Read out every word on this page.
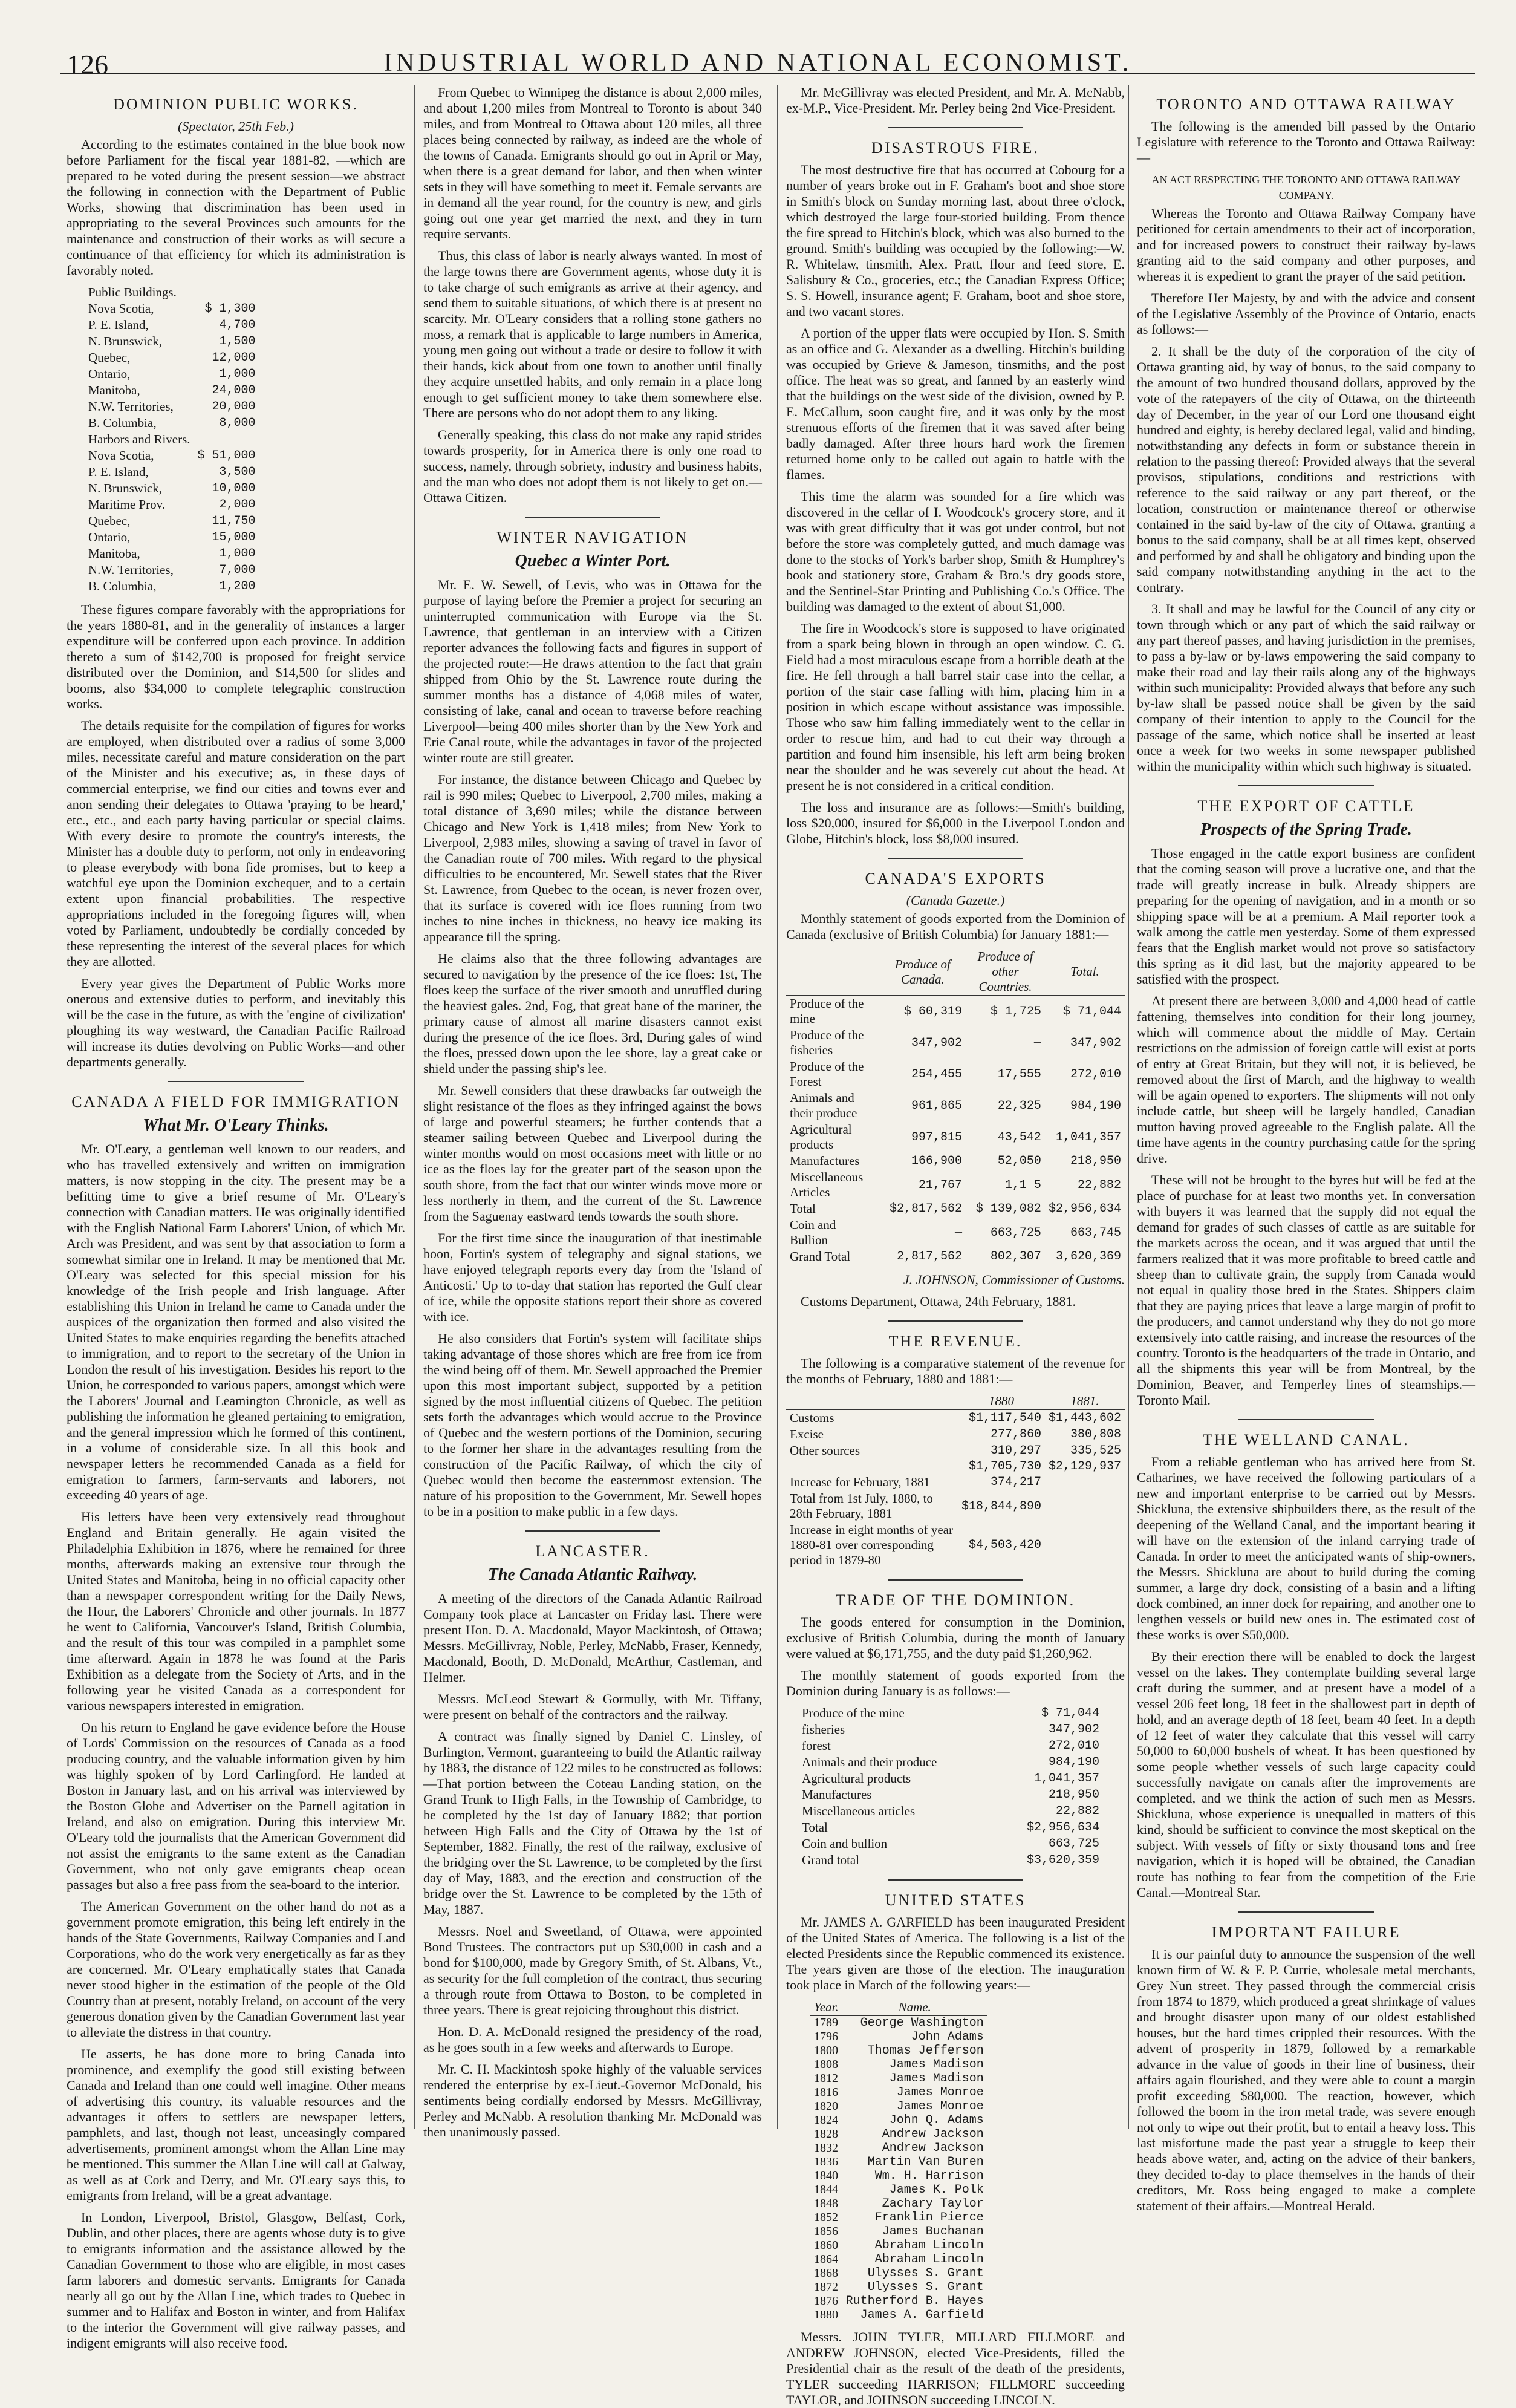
126	INDUSTRIAL WORLD AND NATIONAL ECONOMIST.
DOMINION PUBLIC WORKS.

(Spectator, 25th Feb.)

According to the estimates contained in the blue book now before Parliament for the fiscal year 1881-82, —which are prepared to be voted during the present session—we abstract the following in connection with the Department of Public Works, showing that discrimination has been used in appropriating to the several Provinces such amounts for the maintenance and construction of their works as will secure a continuance of that efficiency for which its administration is favorably noted.

Public Buildings.	
Nova Scotia,	$ 1,300
P. E. Island,	4,700
N. Brunswick,	1,500
Quebec,	12,000
Ontario,	1,000
Manitoba,	24,000
N.W. Territories,	20,000
B. Columbia,	8,000
Harbors and Rivers.	
Nova Scotia,	$ 51,000
P. E. Island,	3,500
N. Brunswick,	10,000
Maritime Prov.	2,000
Quebec,	11,750
Ontario,	15,000
Manitoba,	1,000
N.W. Territories,	7,000
B. Columbia,	1,200

These figures compare favorably with the appropriations for the years 1880-81, and in the generality of instances a larger expenditure will be conferred upon each province. In addition thereto a sum of $142,700 is proposed for freight service distributed over the Dominion, and $14,500 for slides and booms, also $34,000 to complete telegraphic construction works.

The details requisite for the compilation of figures for works are employed, when distributed over a radius of some 3,000 miles, necessitate careful and mature consideration on the part of the Minister and his executive; as, in these days of commercial enterprise, we find our cities and towns ever and anon sending their delegates to Ottawa 'praying to be heard,' etc., etc., and each party having particular or special claims. With every desire to promote the country's interests, the Minister has a double duty to perform, not only in endeavoring to please everybody with bona fide promises, but to keep a watchful eye upon the Dominion exchequer, and to a certain extent upon financial probabilities. The respective appropriations included in the foregoing figures will, when voted by Parliament, undoubtedly be cordially conceded by these representing the interest of the several places for which they are allotted.

Every year gives the Department of Public Works more onerous and extensive duties to perform, and inevitably this will be the case in the future, as with the 'engine of civilization' ploughing its way westward, the Canadian Pacific Railroad will increase its duties devolving on Public Works—and other departments generally.

CANADA A FIELD FOR IMMIGRATION
What Mr. O'Leary Thinks.

Mr. O'Leary, a gentleman well known to our readers, and who has travelled extensively and written on immigration matters, is now stopping in the city. The present may be a befitting time to give a brief resume of Mr. O'Leary's connection with Canadian matters. He was originally identified with the English National Farm Laborers' Union, of which Mr. Arch was President, and was sent by that association to form a somewhat similar one in Ireland. It may be mentioned that Mr. O'Leary was selected for this special mission for his knowledge of the Irish people and Irish language. After establishing this Union in Ireland he came to Canada under the auspices of the organization then formed and also visited the United States to make enquiries regarding the benefits attached to immigration, and to report to the secretary of the Union in London the result of his investigation. Besides his report to the Union, he corresponded to various papers, amongst which were the Laborers' Journal and Leamington Chronicle, as well as publishing the information he gleaned pertaining to emigration, and the general impression which he formed of this continent, in a volume of considerable size. In all this book and newspaper letters he recommended Canada as a field for emigration to farmers, farm-servants and laborers, not exceeding 40 years of age.

His letters have been very extensively read throughout England and Britain generally. He again visited the Philadelphia Exhibition in 1876, where he remained for three months, afterwards making an extensive tour through the United States and Manitoba, being in no official capacity other than a newspaper correspondent writing for the Daily News, the Hour, the Laborers' Chronicle and other journals. In 1877 he went to California, Vancouver's Island, British Columbia, and the result of this tour was compiled in a pamphlet some time afterward. Again in 1878 he was found at the Paris Exhibition as a delegate from the Society of Arts, and in the following year he visited Canada as a correspondent for various newspapers interested in emigration.

On his return to England he gave evidence before the House of Lords' Commission on the resources of Canada as a food producing country, and the valuable information given by him was highly spoken of by Lord Carlingford. He landed at Boston in January last, and on his arrival was interviewed by the Boston Globe and Advertiser on the Parnell agitation in Ireland, and also on emigration. During this interview Mr. O'Leary told the journalists that the American Government did not assist the emigrants to the same extent as the Canadian Government, who not only gave emigrants cheap ocean passages but also a free pass from the sea-board to the interior.

The American Government on the other hand do not as a government promote emigration, this being left entirely in the hands of the State Governments, Railway Companies and Land Corporations, who do the work very energetically as far as they are concerned. Mr. O'Leary emphatically states that Canada never stood higher in the estimation of the people of the Old Country than at present, notably Ireland, on account of the very generous donation given by the Canadian Government last year to alleviate the distress in that country.

He asserts, he has done more to bring Canada into prominence, and exemplify the good still existing between Canada and Ireland than one could well imagine. Other means of advertising this country, its valuable resources and the advantages it offers to settlers are newspaper letters, pamphlets, and last, though not least, unceasingly compared advertisements, prominent amongst whom the Allan Line may be mentioned. This summer the Allan Line will call at Galway, as well as at Cork and Derry, and Mr. O'Leary says this, to emigrants from Ireland, will be a great advantage.

In London, Liverpool, Bristol, Glasgow, Belfast, Cork, Dublin, and other places, there are agents whose duty is to give to emigrants information and the assistance allowed by the Canadian Government to those who are eligible, in most cases farm laborers and domestic servants. Emigrants for Canada nearly all go out by the Allan Line, which trades to Quebec in summer and to Halifax and Boston in winter, and from Halifax to the interior the Government will give railway passes, and indigent emigrants will also receive food.

From Quebec to Winnipeg the distance is about 2,000 miles, and about 1,200 miles from Montreal to Toronto is about 340 miles, and from Montreal to Ottawa about 120 miles, all three places being connected by railway, as indeed are the whole of the towns of Canada. Emigrants should go out in April or May, when there is a great demand for labor, and then when winter sets in they will have something to meet it. Female servants are in demand all the year round, for the country is new, and girls going out one year get married the next, and they in turn require servants.

Thus, this class of labor is nearly always wanted. In most of the large towns there are Government agents, whose duty it is to take charge of such emigrants as arrive at their agency, and send them to suitable situations, of which there is at present no scarcity. Mr. O'Leary considers that a rolling stone gathers no moss, a remark that is applicable to large numbers in America, young men going out without a trade or desire to follow it with their hands, kick about from one town to another until finally they acquire unsettled habits, and only remain in a place long enough to get sufficient money to take them somewhere else. There are persons who do not adopt them to any liking.

Generally speaking, this class do not make any rapid strides towards prosperity, for in America there is only one road to success, namely, through sobriety, industry and business habits, and the man who does not adopt them is not likely to get on.—Ottawa Citizen.

WINTER NAVIGATION
Quebec a Winter Port.

Mr. E. W. Sewell, of Levis, who was in Ottawa for the purpose of laying before the Premier a project for securing an uninterrupted communication with Europe via the St. Lawrence, that gentleman in an interview with a Citizen reporter advances the following facts and figures in support of the projected route:—He draws attention to the fact that grain shipped from Ohio by the St. Lawrence route during the summer months has a distance of 4,068 miles of water, consisting of lake, canal and ocean to traverse before reaching Liverpool—being 400 miles shorter than by the New York and Erie Canal route, while the advantages in favor of the projected winter route are still greater.

For instance, the distance between Chicago and Quebec by rail is 990 miles; Quebec to Liverpool, 2,700 miles, making a total distance of 3,690 miles; while the distance between Chicago and New York is 1,418 miles; from New York to Liverpool, 2,983 miles, showing a saving of travel in favor of the Canadian route of 700 miles. With regard to the physical difficulties to be encountered, Mr. Sewell states that the River St. Lawrence, from Quebec to the ocean, is never frozen over, that its surface is covered with ice floes running from two inches to nine inches in thickness, no heavy ice making its appearance till the spring.

He claims also that the three following advantages are secured to navigation by the presence of the ice floes: 1st, The floes keep the surface of the river smooth and unruffled during the heaviest gales. 2nd, Fog, that great bane of the mariner, the primary cause of almost all marine disasters cannot exist during the presence of the ice floes. 3rd, During gales of wind the floes, pressed down upon the lee shore, lay a great cake or shield under the passing ship's lee.

Mr. Sewell considers that these drawbacks far outweigh the slight resistance of the floes as they infringed against the bows of large and powerful steamers; he further contends that a steamer sailing between Quebec and Liverpool during the winter months would on most occasions meet with little or no ice as the floes lay for the greater part of the season upon the south shore, from the fact that our winter winds move more or less northerly in them, and the current of the St. Lawrence from the Saguenay eastward tends towards the south shore.

For the first time since the inauguration of that inestimable boon, Fortin's system of telegraphy and signal stations, we have enjoyed telegraph reports every day from the 'Island of Anticosti.' Up to to-day that station has reported the Gulf clear of ice, while the opposite stations report their shore as covered with ice.

He also considers that Fortin's system will facilitate ships taking advantage of those shores which are free from ice from the wind being off of them. Mr. Sewell approached the Premier upon this most important subject, supported by a petition signed by the most influential citizens of Quebec. The petition sets forth the advantages which would accrue to the Province of Quebec and the western portions of the Dominion, securing to the former her share in the advantages resulting from the construction of the Pacific Railway, of which the city of Quebec would then become the easternmost extension. The nature of his proposition to the Government, Mr. Sewell hopes to be in a position to make public in a few days.

LANCASTER.
The Canada Atlantic Railway.

A meeting of the directors of the Canada Atlantic Railroad Company took place at Lancaster on Friday last. There were present Hon. D. A. Macdonald, Mayor Mackintosh, of Ottawa; Messrs. McGillivray, Noble, Perley, McNabb, Fraser, Kennedy, Macdonald, Booth, D. McDonald, McArthur, Castleman, and Helmer.

Messrs. McLeod Stewart & Gormully, with Mr. Tiffany, were present on behalf of the contractors and the railway.

A contract was finally signed by Daniel C. Linsley, of Burlington, Vermont, guaranteeing to build the Atlantic railway by 1883, the distance of 122 miles to be constructed as follows:—That portion between the Coteau Landing station, on the Grand Trunk to High Falls, in the Township of Cambridge, to be completed by the 1st day of January 1882; that portion between High Falls and the City of Ottawa by the 1st of September, 1882. Finally, the rest of the railway, exclusive of the bridging over the St. Lawrence, to be completed by the first day of May, 1883, and the erection and construction of the bridge over the St. Lawrence to be completed by the 15th of May, 1887.

Messrs. Noel and Sweetland, of Ottawa, were appointed Bond Trustees. The contractors put up $30,000 in cash and a bond for $100,000, made by Gregory Smith, of St. Albans, Vt., as security for the full completion of the contract, thus securing a through route from Ottawa to Boston, to be completed in three years. There is great rejoicing throughout this district.

Hon. D. A. McDonald resigned the presidency of the road, as he goes south in a few weeks and afterwards to Europe.

Mr. C. H. Mackintosh spoke highly of the valuable services rendered the enterprise by ex-Lieut.-Governor McDonald, his sentiments being cordially endorsed by Messrs. McGillivray, Perley and McNabb. A resolution thanking Mr. McDonald was then unanimously passed.

Mr. McGillivray was elected President, and Mr. A. McNabb, ex-M.P., Vice-President. Mr. Perley being 2nd Vice-President.

DISASTROUS FIRE.

The most destructive fire that has occurred at Cobourg for a number of years broke out in F. Graham's boot and shoe store in Smith's block on Sunday morning last, about three o'clock, which destroyed the large four-storied building. From thence the fire spread to Hitchin's block, which was also burned to the ground. Smith's building was occupied by the following:—W. R. Whitelaw, tinsmith, Alex. Pratt, flour and feed store, E. Salisbury & Co., groceries, etc.; the Canadian Express Office; S. S. Howell, insurance agent; F. Graham, boot and shoe store, and two vacant stores.

A portion of the upper flats were occupied by Hon. S. Smith as an office and G. Alexander as a dwelling. Hitchin's building was occupied by Grieve & Jameson, tinsmiths, and the post office. The heat was so great, and fanned by an easterly wind that the buildings on the west side of the division, owned by P. E. McCallum, soon caught fire, and it was only by the most strenuous efforts of the firemen that it was saved after being badly damaged. After three hours hard work the firemen returned home only to be called out again to battle with the flames.

This time the alarm was sounded for a fire which was discovered in the cellar of I. Woodcock's grocery store, and it was with great difficulty that it was got under control, but not before the store was completely gutted, and much damage was done to the stocks of York's barber shop, Smith & Humphrey's book and stationery store, Graham & Bro.'s dry goods store, and the Sentinel-Star Printing and Publishing Co.'s Office. The building was damaged to the extent of about $1,000.

The fire in Woodcock's store is supposed to have originated from a spark being blown in through an open window. C. G. Field had a most miraculous escape from a horrible death at the fire. He fell through a hall barrel stair case into the cellar, a portion of the stair case falling with him, placing him in a position in which escape without assistance was impossible. Those who saw him falling immediately went to the cellar in order to rescue him, and had to cut their way through a partition and found him insensible, his left arm being broken near the shoulder and he was severely cut about the head. At present he is not considered in a critical condition.

The loss and insurance are as follows:—Smith's building, loss $20,000, insured for $6,000 in the Liverpool London and Globe, Hitchin's block, loss $8,000 insured.

CANADA'S EXPORTS

(Canada Gazette.)

Monthly statement of goods exported from the Dominion of Canada (exclusive of British Columbia) for January 1881:—

	Produce of Canada.	Produce of other Countries.	Total.
Produce of the mine	$ 60,319	$ 1,725	$ 71,044
Produce of the fisheries	347,902	—	347,902
Produce of the Forest	254,455	17,555	272,010
Animals and their produce	961,865	22,325	984,190
Agricultural products	997,815	43,542	1,041,357
Manufactures	166,900	52,050	218,950
Miscellaneous Articles	21,767	1,1 5	22,882
Total	$2,817,562	$ 139,082	$2,956,634
Coin and Bullion	—	663,725	663,745
Grand Total	2,817,562	802,307	3,620,369

J. JOHNSON, Commissioner of Customs.

Customs Department, Ottawa, 24th February, 1881.

THE REVENUE.

The following is a comparative statement of the revenue for the months of February, 1880 and 1881:—

	1880	1881.
Customs	$1,117,540	$1,443,602
Excise	277,860	380,808
Other sources	310,297	335,525
	$1,705,730	$2,129,937
Increase for February, 1881	374,217	
Total from 1st July, 1880, to 28th February, 1881	$18,844,890	
Increase in eight months of year 1880-81 over corresponding period in 1879-80	$4,503,420	
TRADE OF THE DOMINION.

The goods entered for consumption in the Dominion, exclusive of British Columbia, during the month of January were valued at $6,171,755, and the duty paid $1,260,962.

The monthly statement of goods exported from the Dominion during January is as follows:—

Produce of the mine	$ 71,044
fisheries	347,902
forest	272,010
Animals and their produce	984,190
Agricultural products	1,041,357
Manufactures	218,950
Miscellaneous articles	22,882
Total	$2,956,634
Coin and bullion	663,725
Grand total	$3,620,359
UNITED STATES

Mr. JAMES A. GARFIELD has been inaugurated President of the United States of America. The following is a list of the elected Presidents since the Republic commenced its existence. The years given are those of the election. The inauguration took place in March of the following years:—

Year.	Name.
1789	George Washington
1796	John Adams
1800	Thomas Jefferson
1808	James Madison
1812	James Madison
1816	James Monroe
1820	James Monroe
1824	John Q. Adams
1828	Andrew Jackson
1832	Andrew Jackson
1836	Martin Van Buren
1840	Wm. H. Harrison
1844	James K. Polk
1848	Zachary Taylor
1852	Franklin Pierce
1856	James Buchanan
1860	Abraham Lincoln
1864	Abraham Lincoln
1868	Ulysses S. Grant
1872	Ulysses S. Grant
1876	Rutherford B. Hayes
1880	James A. Garfield

Messrs. JOHN TYLER, MILLARD FILLMORE and ANDREW JOHNSON, elected Vice-Presidents, filled the Presidential chair as the result of the death of the presidents, TYLER succeeding HARRISON; FILLMORE succeeding TAYLOR, and JOHNSON succeeding LINCOLN.

TORONTO AND OTTAWA RAILWAY

The following is the amended bill passed by the Ontario Legislature with reference to the Toronto and Ottawa Railway:—

AN ACT RESPECTING THE TORONTO AND OTTAWA RAILWAY COMPANY.

Whereas the Toronto and Ottawa Railway Company have petitioned for certain amendments to their act of incorporation, and for increased powers to construct their railway by-laws granting aid to the said company and other purposes, and whereas it is expedient to grant the prayer of the said petition.

Therefore Her Majesty, by and with the advice and consent of the Legislative Assembly of the Province of Ontario, enacts as follows:—

2. It shall be the duty of the corporation of the city of Ottawa granting aid, by way of bonus, to the said company to the amount of two hundred thousand dollars, approved by the vote of the ratepayers of the city of Ottawa, on the thirteenth day of December, in the year of our Lord one thousand eight hundred and eighty, is hereby declared legal, valid and binding, notwithstanding any defects in form or substance therein in relation to the passing thereof: Provided always that the several provisos, stipulations, conditions and restrictions with reference to the said railway or any part thereof, or the location, construction or maintenance thereof or otherwise contained in the said by-law of the city of Ottawa, granting a bonus to the said company, shall be at all times kept, observed and performed by and shall be obligatory and binding upon the said company notwithstanding anything in the act to the contrary.

3. It shall and may be lawful for the Council of any city or town through which or any part of which the said railway or any part thereof passes, and having jurisdiction in the premises, to pass a by-law or by-laws empowering the said company to make their road and lay their rails along any of the highways within such municipality: Provided always that before any such by-law shall be passed notice shall be given by the said company of their intention to apply to the Council for the passage of the same, which notice shall be inserted at least once a week for two weeks in some newspaper published within the municipality within which such highway is situated.

THE EXPORT OF CATTLE
Prospects of the Spring Trade.

Those engaged in the cattle export business are confident that the coming season will prove a lucrative one, and that the trade will greatly increase in bulk. Already shippers are preparing for the opening of navigation, and in a month or so shipping space will be at a premium. A Mail reporter took a walk among the cattle men yesterday. Some of them expressed fears that the English market would not prove so satisfactory this spring as it did last, but the majority appeared to be satisfied with the prospect.

At present there are between 3,000 and 4,000 head of cattle fattening, themselves into condition for their long journey, which will commence about the middle of May. Certain restrictions on the admission of foreign cattle will exist at ports of entry at Great Britain, but they will not, it is believed, be removed about the first of March, and the highway to wealth will be again opened to exporters. The shipments will not only include cattle, but sheep will be largely handled, Canadian mutton having proved agreeable to the English palate. All the time have agents in the country purchasing cattle for the spring drive.

These will not be brought to the byres but will be fed at the place of purchase for at least two months yet. In conversation with buyers it was learned that the supply did not equal the demand for grades of such classes of cattle as are suitable for the markets across the ocean, and it was argued that until the farmers realized that it was more profitable to breed cattle and sheep than to cultivate grain, the supply from Canada would not equal in quality those bred in the States. Shippers claim that they are paying prices that leave a large margin of profit to the producers, and cannot understand why they do not go more extensively into cattle raising, and increase the resources of the country. Toronto is the headquarters of the trade in Ontario, and all the shipments this year will be from Montreal, by the Dominion, Beaver, and Temperley lines of steamships.—Toronto Mail.

THE WELLAND CANAL.

From a reliable gentleman who has arrived here from St. Catharines, we have received the following particulars of a new and important enterprise to be carried out by Messrs. Shickluna, the extensive shipbuilders there, as the result of the deepening of the Welland Canal, and the important bearing it will have on the extension of the inland carrying trade of Canada. In order to meet the anticipated wants of ship-owners, the Messrs. Shickluna are about to build during the coming summer, a large dry dock, consisting of a basin and a lifting dock combined, an inner dock for repairing, and another one to lengthen vessels or build new ones in. The estimated cost of these works is over $50,000.

By their erection there will be enabled to dock the largest vessel on the lakes. They contemplate building several large craft during the summer, and at present have a model of a vessel 206 feet long, 18 feet in the shallowest part in depth of hold, and an average depth of 18 feet, beam 40 feet. In a depth of 12 feet of water they calculate that this vessel will carry 50,000 to 60,000 bushels of wheat. It has been questioned by some people whether vessels of such large capacity could successfully navigate on canals after the improvements are completed, and we think the action of such men as Messrs. Shickluna, whose experience is unequalled in matters of this kind, should be sufficient to convince the most skeptical on the subject. With vessels of fifty or sixty thousand tons and free navigation, which it is hoped will be obtained, the Canadian route has nothing to fear from the competition of the Erie Canal.—Montreal Star.

IMPORTANT FAILURE

It is our painful duty to announce the suspension of the well known firm of W. & F. P. Currie, wholesale metal merchants, Grey Nun street. They passed through the commercial crisis from 1874 to 1879, which produced a great shrinkage of values and brought disaster upon many of our oldest established houses, but the hard times crippled their resources. With the advent of prosperity in 1879, followed by a remarkable advance in the value of goods in their line of business, their affairs again flourished, and they were able to count a margin profit exceeding $80,000. The reaction, however, which followed the boom in the iron metal trade, was severe enough not only to wipe out their profit, but to entail a heavy loss. This last misfortune made the past year a struggle to keep their heads above water, and, acting on the advice of their bankers, they decided to-day to place themselves in the hands of their creditors, Mr. Ross being engaged to make a complete statement of their affairs.—Montreal Herald.
